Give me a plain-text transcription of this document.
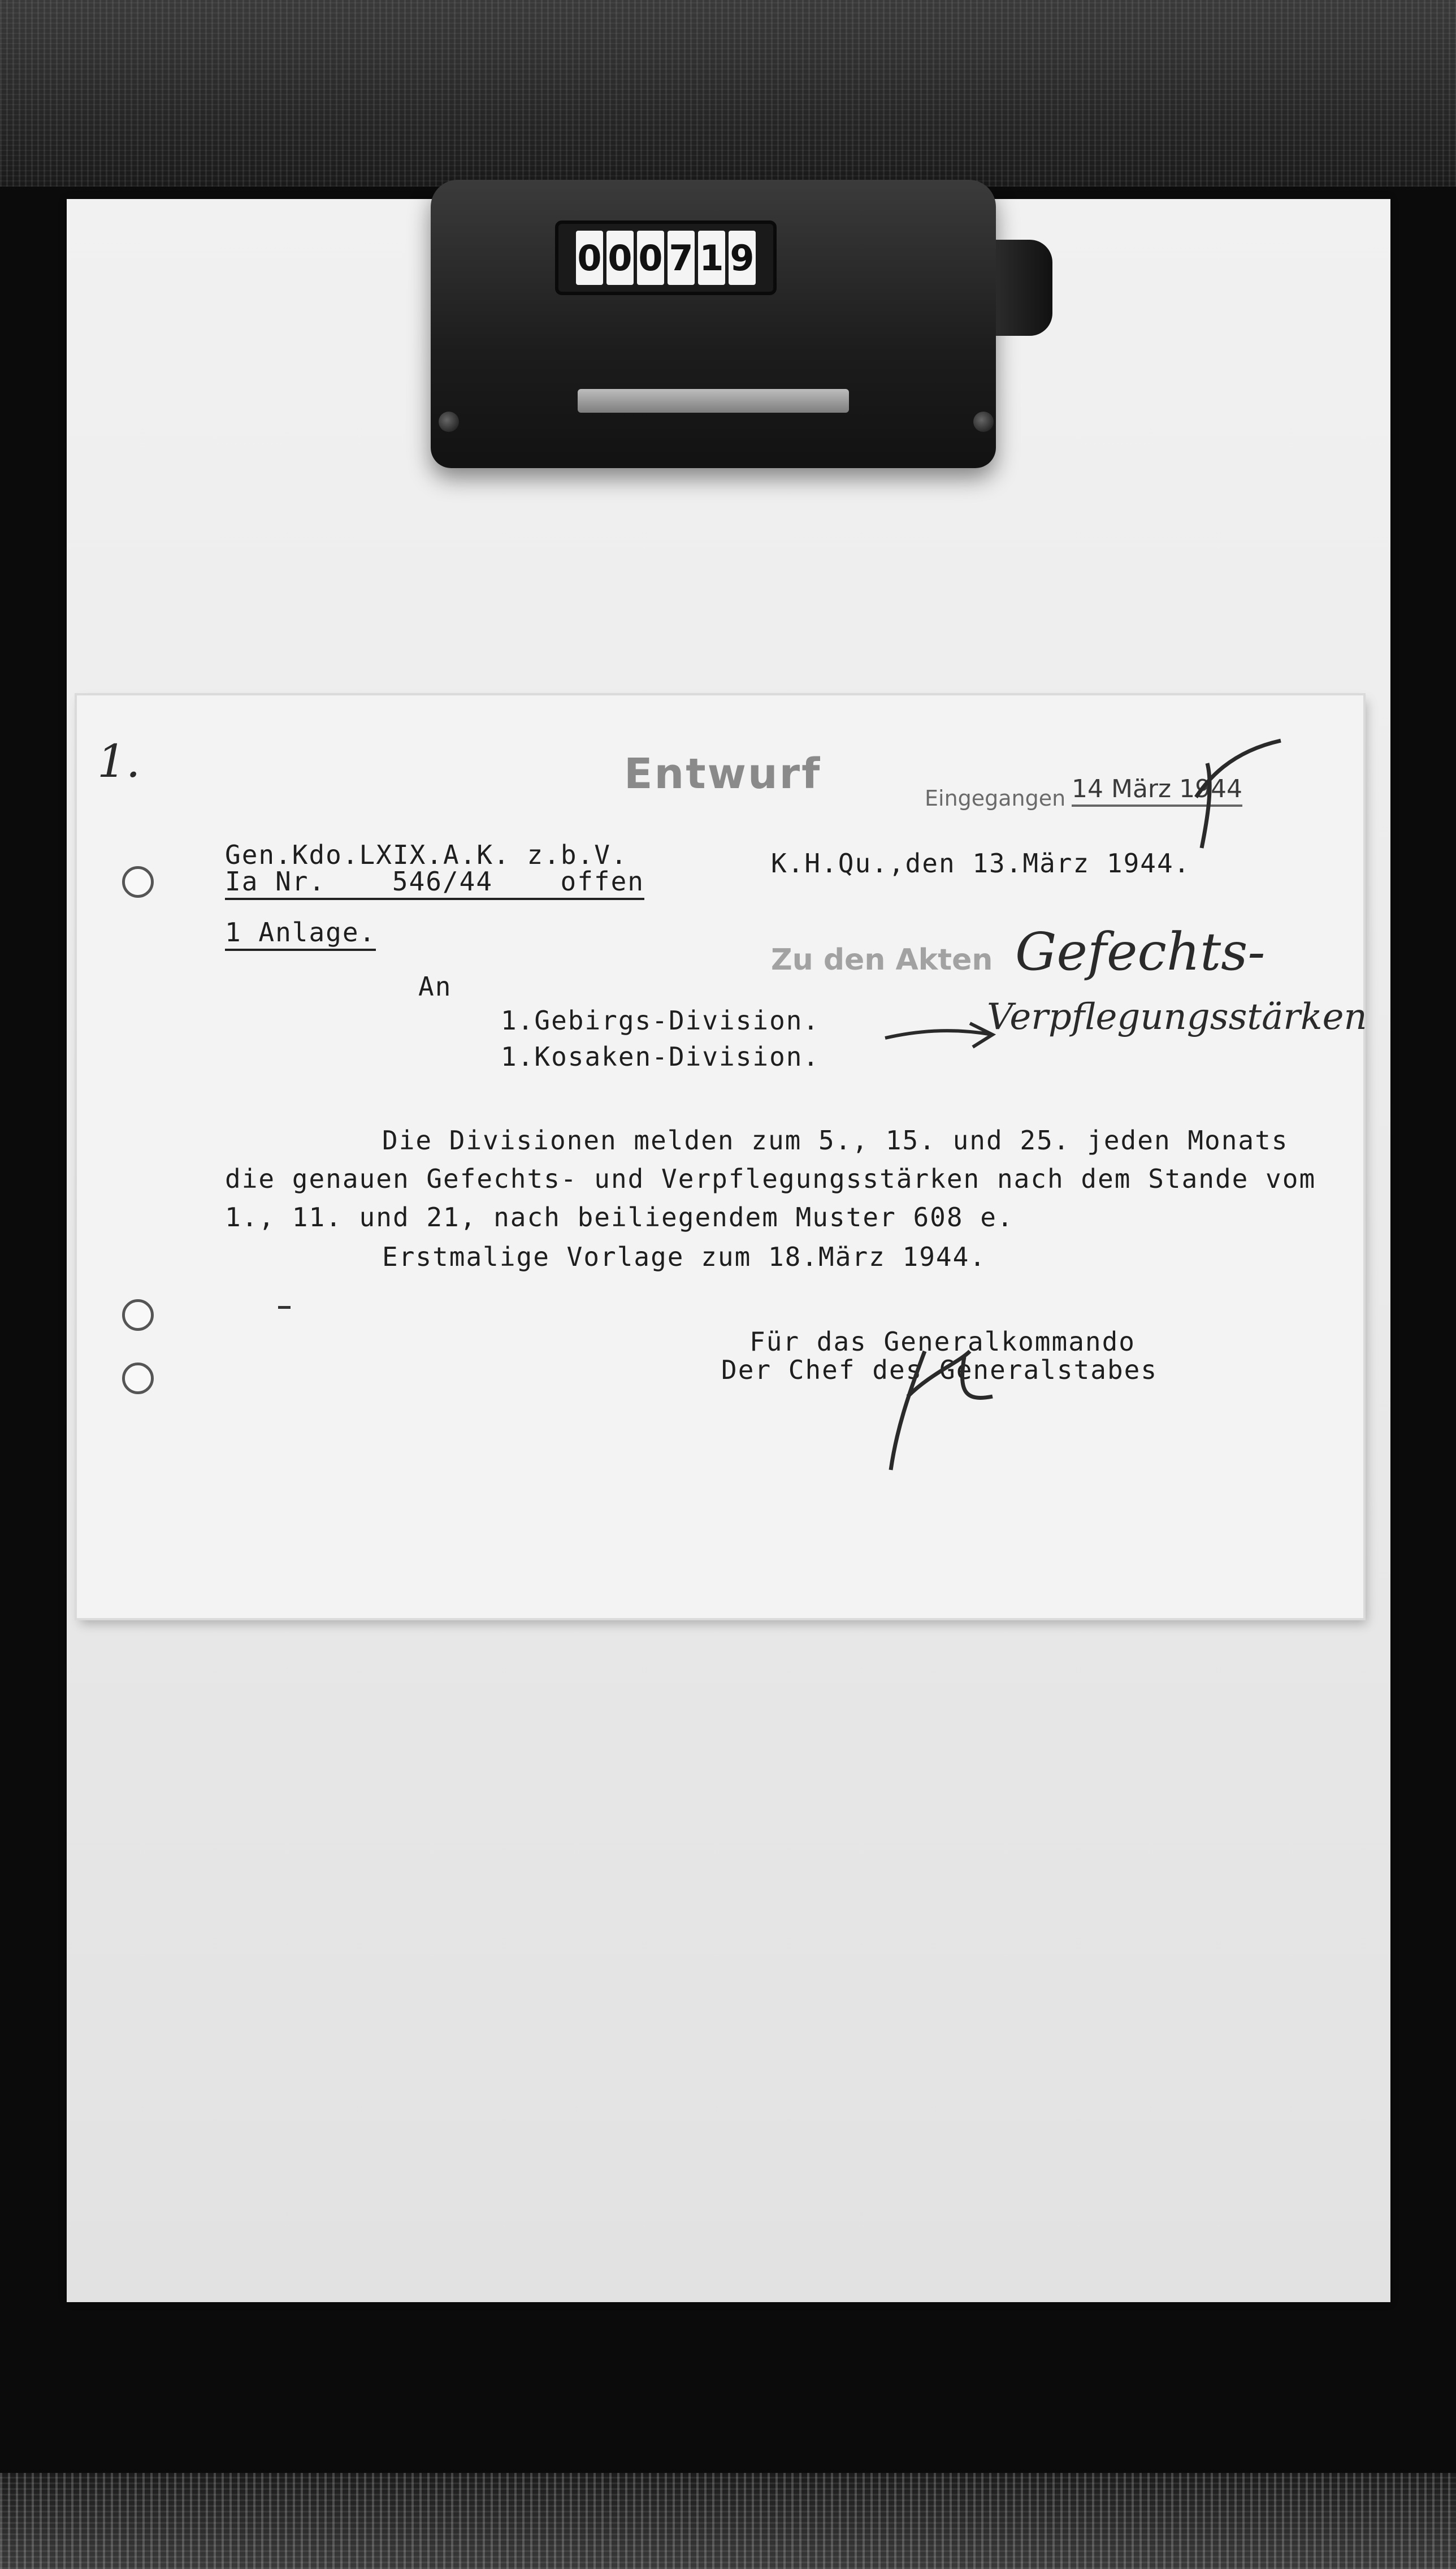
0 0 0 7 1 9
1.	Entwurf	Eingegangen 14 März 1944
Gen.Kdo.LXIX.A.K. z.b.V.
Ia Nr.	546/44	offen
K.H.Qu.,den 13.März 1944.
1 Anlage.
Zu den Akten Gefechts-
Verpflegungsstärken
An
1.Gebirgs-Division.
1.Kosaken-Division.
Die Divisionen melden zum 5., 15. und 25. jeden Monats
die genauen Gefechts- und Verpflegungsstärken nach dem Stande vom
1., 11. und 21, nach beiliegendem Muster 608 e.
Erstmalige Vorlage zum 18.März 1944.
Für das Generalkommando
Der Chef des Generalstabes
